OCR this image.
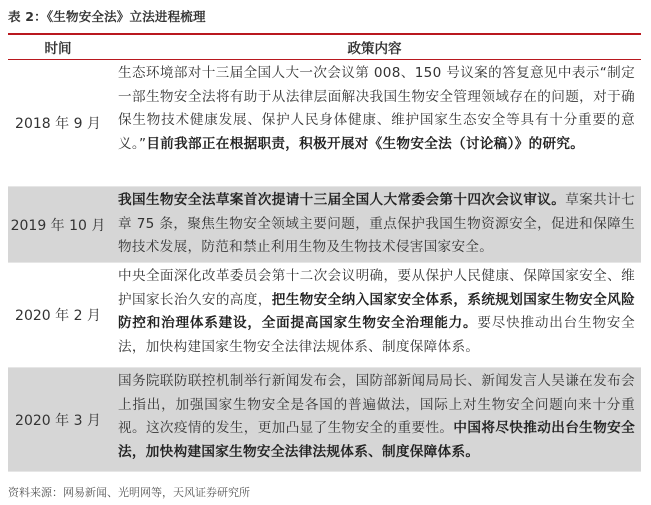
表 2：《生物安全法》立法进程梳理
时间	政策内容
2018 年 9 月
生态环境部对十三届全国人大一次会议第 008、150 号议案的答复意见中表示“制定一部生物安全法将有助于从法律层面解决我国生物安全管理领域存在的问题，对于确保生物技术健康发展、保护人民身体健康、维护国家生态安全等具有十分重要的意义。”目前我部正在根据职责，积极开展对《生物安全法（讨论稿）》的研究。
2019 年 10 月
我国生物安全法草案首次提请十三届全国人大常委会第十四次会议审议。草案共计七章 75 条，聚焦生物安全领域主要问题，重点保护我国生物资源安全，促进和保障生物技术发展，防范和禁止利用生物及生物技术侵害国家安全。
2020 年 2 月
中央全面深化改革委员会第十二次会议明确，要从保护人民健康、保障国家安全、维护国家长治久安的高度，把生物安全纳入国家安全体系，系统规划国家生物安全风险防控和治理体系建设，全面提高国家生物安全治理能力。要尽快推动出台生物安全法，加快构建国家生物安全法律法规体系、制度保障体系。
2020 年 3 月
国务院联防联控机制举行新闻发布会，国防部新闻局局长、新闻发言人吴谦在发布会上指出，加强国家生物安全是各国的普遍做法，国际上对生物安全问题向来十分重视。这次疫情的发生，更加凸显了生物安全的重要性。中国将尽快推动出台生物安全法，加快构建国家生物安全法律法规体系、制度保障体系。
资料来源：网易新闻、光明网等，天风证券研究所
